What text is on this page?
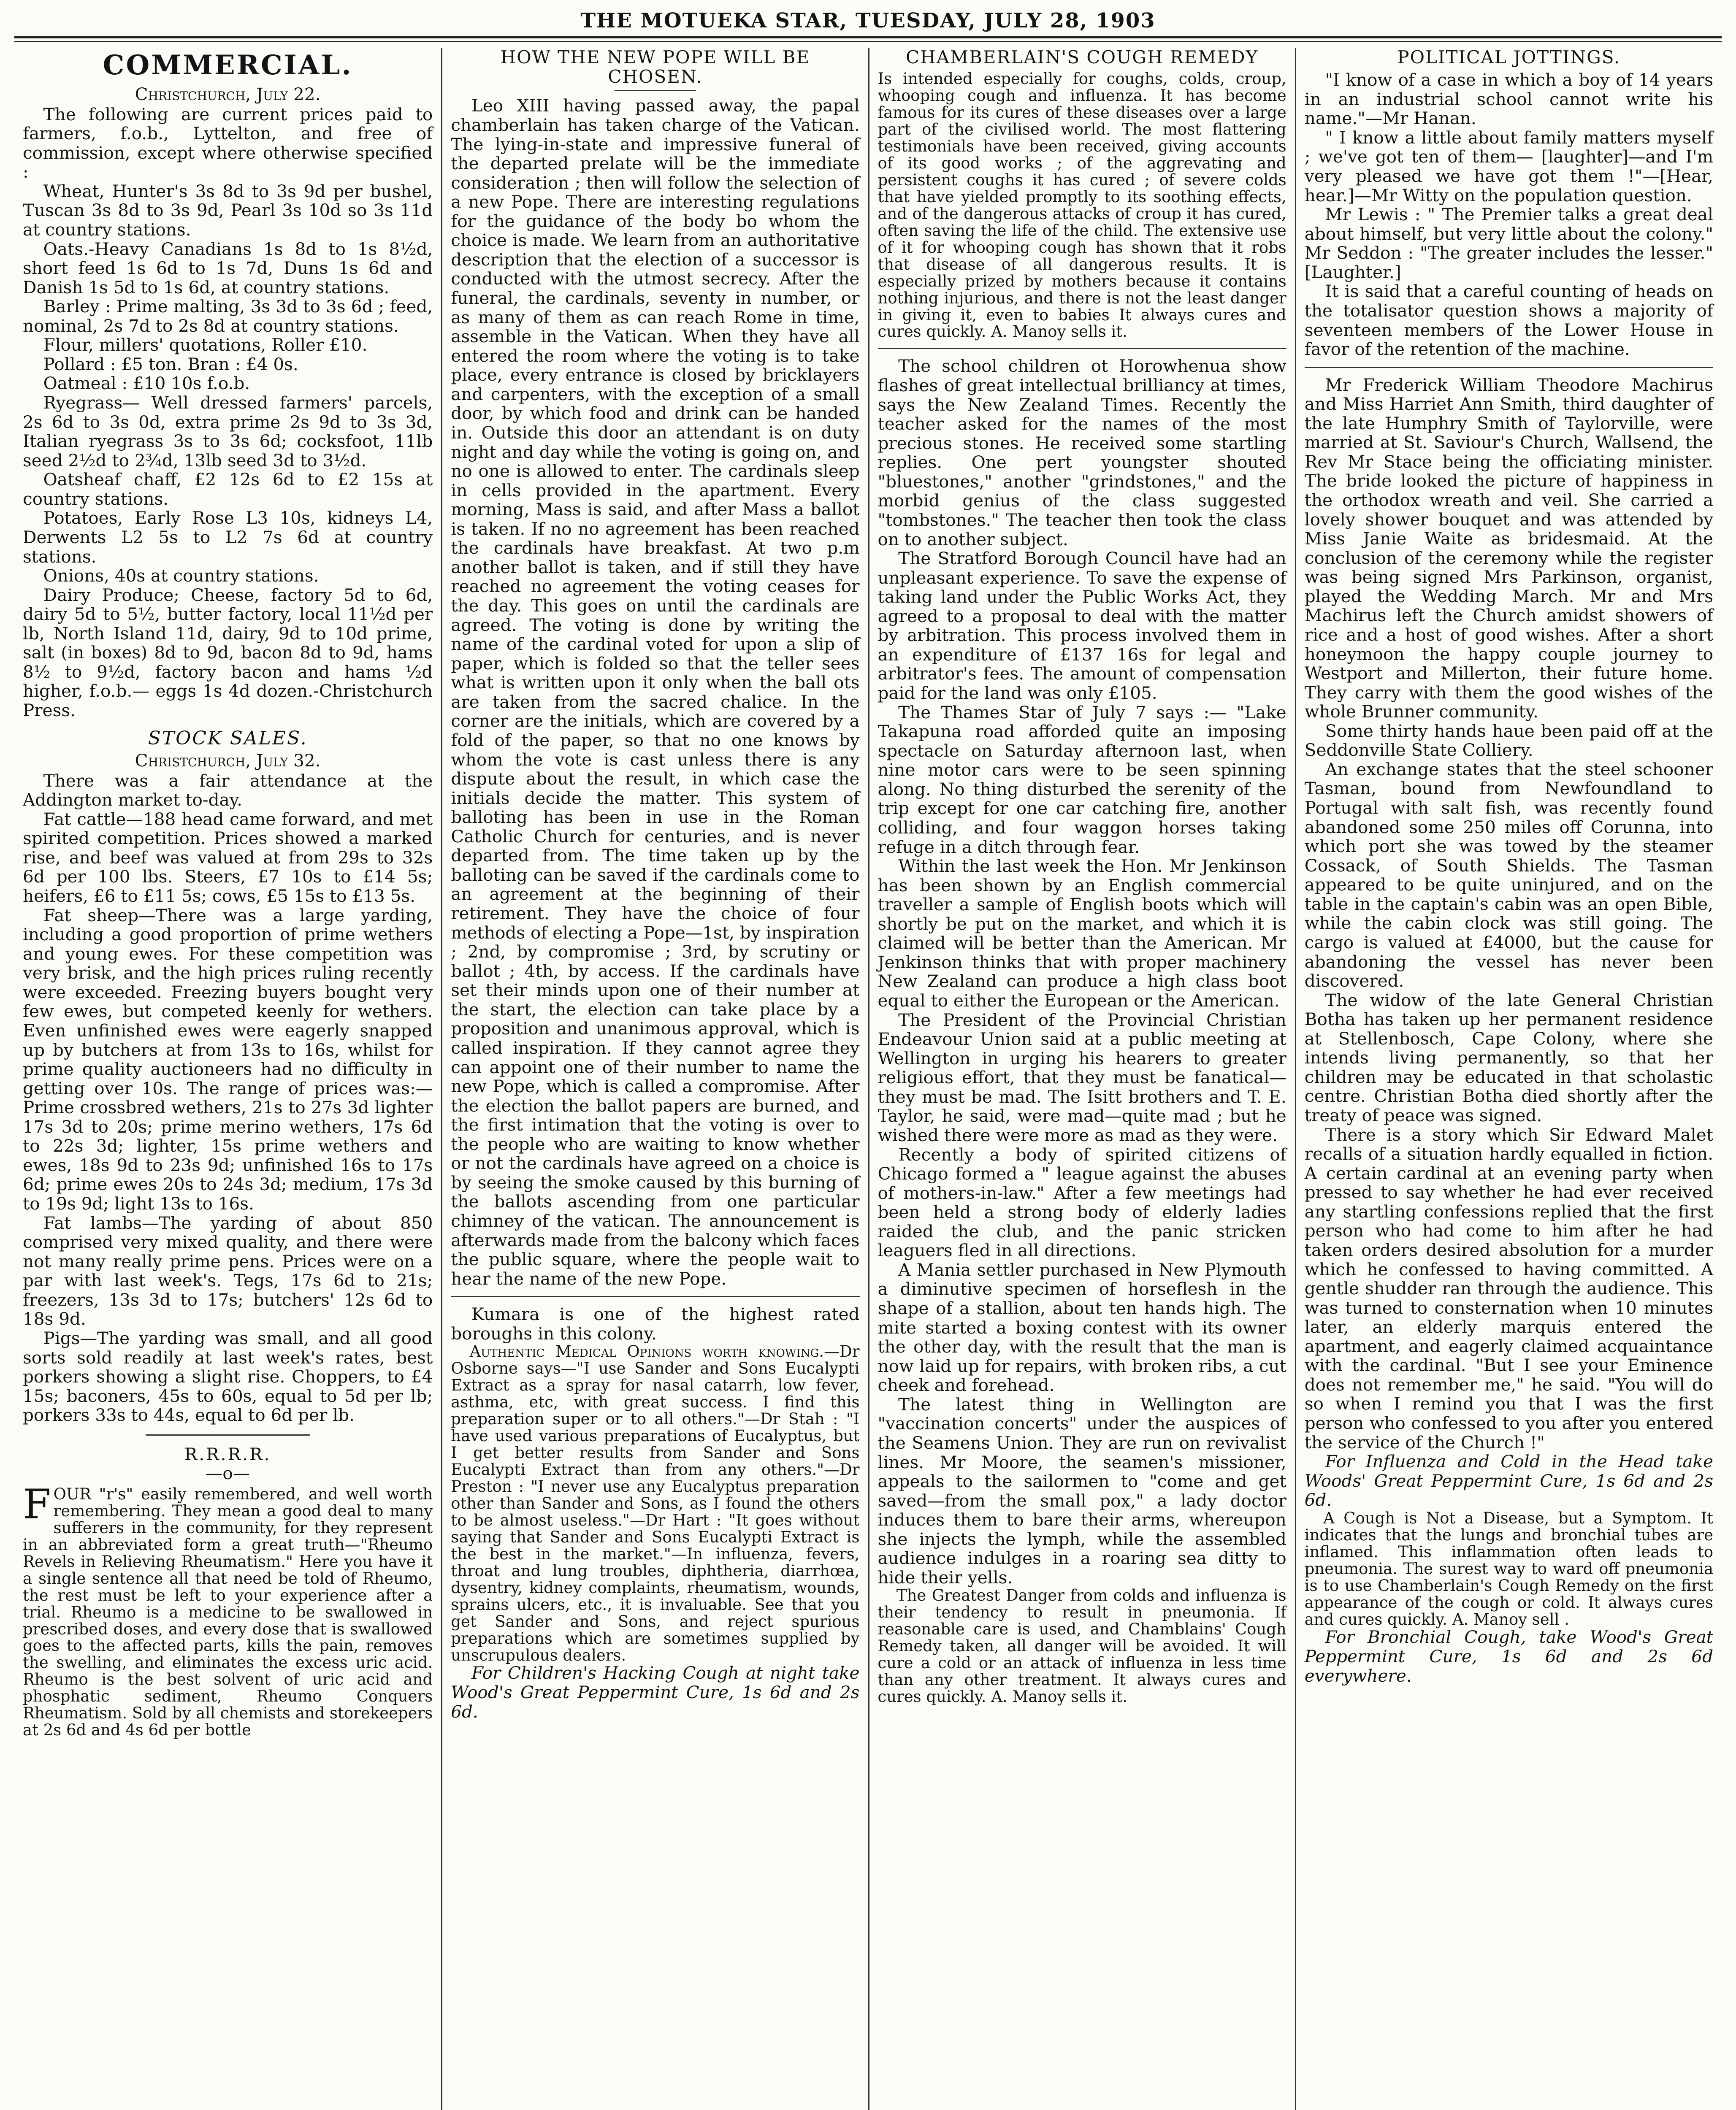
THE MOTUEKA STAR, TUESDAY, JULY 28, 1903
COMMERCIAL.
Christchurch, July 22.

The following are current prices paid to farmers, f.o.b., Lyttelton, and free of commission, except where otherwise specified :

Wheat, Hunter's 3s 8d to 3s 9d per bushel, Tuscan 3s 8d to 3s 9d, Pearl 3s 10d so 3s 11d at country stations.

Oats.-Heavy Canadians 1s 8d to 1s 8½d, short feed 1s 6d to 1s 7d, Duns 1s 6d and Danish 1s 5d to 1s 6d, at country stations.

Barley : Prime malting, 3s 3d to 3s 6d ; feed, nominal, 2s 7d to 2s 8d at country stations.

Flour, millers' quotations, Roller £10.

Pollard : £5 ton. Bran : £4 0s.

Oatmeal : £10 10s f.o.b.

Ryegrass— Well dressed farmers' parcels, 2s 6d to 3s 0d, extra prime 2s 9d to 3s 3d, Italian ryegrass 3s to 3s 6d; cocksfoot, 11lb seed 2½d to 2¾d, 13lb seed 3d to 3½d.

Oatsheaf chaff, £2 12s 6d to £2 15s at country stations.

Potatoes, Early Rose L3 10s, kidneys L4, Derwents L2 5s to L2 7s 6d at country stations.

Onions, 40s at country stations.

Dairy Produce; Cheese, factory 5d to 6d, dairy 5d to 5½, butter factory, local 11½d per lb, North Island 11d, dairy, 9d to 10d prime, salt (in boxes) 8d to 9d, bacon 8d to 9d, hams 8½ to 9½d, factory bacon and hams ½d higher, f.o.b.— eggs 1s 4d dozen.-Christchurch Press.

STOCK SALES.
Christchurch, July 32.

There was a fair attendance at the Addington market to-day.

Fat cattle—188 head came forward, and met spirited competition. Prices showed a marked rise, and beef was valued at from 29s to 32s 6d per 100 lbs. Steers, £7 10s to £14 5s; heifers, £6 to £11 5s; cows, £5 15s to £13 5s.

Fat sheep—There was a large yarding, including a good proportion of prime wethers and young ewes. For these competition was very brisk, and the high prices ruling recently were exceeded. Freezing buyers bought very few ewes, but competed keenly for wethers. Even unfinished ewes were eagerly snapped up by butchers at from 13s to 16s, whilst for prime quality auctioneers had no difficulty in getting over 10s. The range of prices was:— Prime crossbred wethers, 21s to 27s 3d lighter 17s 3d to 20s; prime merino wethers, 17s 6d to 22s 3d; lighter, 15s prime wethers and ewes, 18s 9d to 23s 9d; unfinished 16s to 17s 6d; prime ewes 20s to 24s 3d; medium, 17s 3d to 19s 9d; light 13s to 16s.

Fat lambs—The yarding of about 850 comprised very mixed quality, and there were not many really prime pens. Prices were on a par with last week's. Tegs, 17s 6d to 21s; freezers, 13s 3d to 17s; butchers' 12s 6d to 18s 9d.

Pigs—The yarding was small, and all good sorts sold readily at last week's rates, best porkers showing a slight rise. Choppers, to £4 15s; baconers, 45s to 60s, equal to 5d per lb; porkers 33s to 44s, equal to 6d per lb.

R.R.R.R.
—o—
FOUR "r's" easily remembered, and well worth remembering. They mean a good deal to many sufferers in the community, for they represent in an abbreviated form a great truth—"Rheumo Revels in Relieving Rheumatism." Here you have it a single sentence all that need be told of Rheumo, the rest must be left to your experience after a trial. Rheumo is a medicine to be swallowed in prescribed doses, and every dose that is swallowed goes to the affected parts, kills the pain, removes the swelling, and eliminates the excess uric acid. Rheumo is the best solvent of uric acid and phosphatic sediment, Rheumo Conquers Rheumatism. Sold by all chemists and storekeepers at 2s 6d and 4s 6d per bottle
HOW THE NEW POPE WILL BE CHOSEN.

Leo XIII having passed away, the papal chamberlain has taken charge of the Vatican. The lying-in-state and impressive funeral of the departed prelate will be the immediate consideration ; then will follow the selection of a new Pope. There are interesting regulations for the guidance of the body bo whom the choice is made. We learn from an authoritative description that the election of a successor is conducted with the utmost secrecy. After the funeral, the cardinals, seventy in number, or as many of them as can reach Rome in time, assemble in the Vatican. When they have all entered the room where the voting is to take place, every entrance is closed by bricklayers and carpenters, with the exception of a small door, by which food and drink can be handed in. Outside this door an attendant is on duty night and day while the voting is going on, and no one is allowed to enter. The cardinals sleep in cells provided in the apartment. Every morning, Mass is said, and after Mass a ballot is taken. If no no agreement has been reached the cardinals have breakfast. At two p.m another ballot is taken, and if still they have reached no agreement the voting ceases for the day. This goes on until the cardinals are agreed. The voting is done by writing the name of the cardinal voted for upon a slip of paper, which is folded so that the teller sees what is written upon it only when the ball ots are taken from the sacred chalice. In the corner are the initials, which are covered by a fold of the paper, so that no one knows by whom the vote is cast unless there is any dispute about the result, in which case the initials decide the matter. This system of balloting has been in use in the Roman Catholic Church for centuries, and is never departed from. The time taken up by the balloting can be saved if the cardinals come to an agreement at the beginning of their retirement. They have the choice of four methods of electing a Pope—1st, by inspiration ; 2nd, by compromise ; 3rd, by scrutiny or ballot ; 4th, by access. If the cardinals have set their minds upon one of their number at the start, the election can take place by a proposition and unanimous approval, which is called inspiration. If they cannot agree they can appoint one of their number to name the new Pope, which is called a compromise. After the election the ballot papers are burned, and the first intimation that the voting is over to the people who are waiting to know whether or not the cardinals have agreed on a choice is by seeing the smoke caused by this burning of the ballots ascending from one particular chimney of the vatican. The announcement is afterwards made from the balcony which faces the public square, where the people wait to hear the name of the new Pope.

Kumara is one of the highest rated boroughs in this colony.

Authentic Medical Opinions worth knowing.—Dr Osborne says—"I use Sander and Sons Eucalypti Extract as a spray for nasal catarrh, low fever, asthma, etc, with great success. I find this preparation super or to all others."—Dr Stah : "I have used various preparations of Eucalyptus, but I get better results from Sander and Sons Eucalypti Extract than from any others."—Dr Preston : "I never use any Eucalyptus preparation other than Sander and Sons, as I found the others to be almost useless."—Dr Hart : "It goes without saying that Sander and Sons Eucalypti Extract is the best in the market."—In influenza, fevers, throat and lung troubles, diphtheria, diarrhœa, dysentry, kidney complaints, rheumatism, wounds, sprains ulcers, etc., it is invaluable. See that you get Sander and Sons, and reject spurious preparations which are sometimes supplied by unscrupulous dealers.

For Children's Hacking Cough at night take Wood's Great Peppermint Cure, 1s 6d and 2s 6d.

CHAMBERLAIN'S COUGH REMEDY

Is intended especially for coughs, colds, croup, whooping cough and influenza. It has become famous for its cures of these diseases over a large part of the civilised world. The most flattering testimonials have been received, giving accounts of its good works ; of the aggrevating and persistent coughs it has cured ; of severe colds that have yielded promptly to its soothing effects, and of the dangerous attacks of croup it has cured, often saving the life of the child. The extensive use of it for whooping cough has shown that it robs that disease of all dangerous results. It is especially prized by mothers because it contains nothing injurious, and there is not the least danger in giving it, even to babies It always cures and cures quickly. A. Manoy sells it.

The school children ot Horowhenua show flashes of great intellectual brilliancy at times, says the New Zealand Times. Recently the teacher asked for the names of the most precious stones. He received some startling replies. One pert youngster shouted "bluestones," another "grindstones," and the morbid genius of the class suggested "tombstones." The teacher then took the class on to another subject.

The Stratford Borough Council have had an unpleasant experience. To save the expense of taking land under the Public Works Act, they agreed to a proposal to deal with the matter by arbitration. This process involved them in an expenditure of £137 16s for legal and arbitrator's fees. The amount of compensation paid for the land was only £105.

The Thames Star of July 7 says :— "Lake Takapuna road afforded quite an imposing spectacle on Saturday afternoon last, when nine motor cars were to be seen spinning along. No thing disturbed the serenity of the trip except for one car catching fire, another colliding, and four waggon horses taking refuge in a ditch through fear.

Within the last week the Hon. Mr Jenkinson has been shown by an English commercial traveller a sample of English boots which will shortly be put on the market, and which it is claimed will be better than the American. Mr Jenkinson thinks that with proper machinery New Zealand can produce a high class boot equal to either the European or the American.

The President of the Provincial Christian Endeavour Union said at a public meeting at Wellington in urging his hearers to greater religious effort, that they must be fanatical—they must be mad. The Isitt brothers and T. E. Taylor, he said, were mad—quite mad ; but he wished there were more as mad as they were.

Recently a body of spirited citizens of Chicago formed a " league against the abuses of mothers-in-law." After a few meetings had been held a strong body of elderly ladies raided the club, and the panic stricken leaguers fled in all directions.

A Mania settler purchased in New Plymouth a diminutive specimen of horseflesh in the shape of a stallion, about ten hands high. The mite started a boxing contest with its owner the other day, with the result that the man is now laid up for repairs, with broken ribs, a cut cheek and forehead.

The latest thing in Wellington are "vaccination concerts" under the auspices of the Seamens Union. They are run on revivalist lines. Mr Moore, the seamen's missioner, appeals to the sailormen to "come and get saved—from the small pox," a lady doctor induces them to bare their arms, whereupon she injects the lymph, while the assembled audience indulges in a roaring sea ditty to hide their yells.

The Greatest Danger from colds and influenza is their tendency to result in pneumonia. If reasonable care is used, and Chamblains' Cough Remedy taken, all danger will be avoided. It will cure a cold or an attack of influenza in less time than any other treatment. It always cures and cures quickly. A. Manoy sells it.

POLITICAL JOTTINGS.

"I know of a case in which a boy of 14 years in an industrial school cannot write his name."—Mr Hanan.

" I know a little about family matters myself ; we've got ten of them— [laughter]—and I'm very pleased we have got them !"—[Hear, hear.]—Mr Witty on the population question.

Mr Lewis : " The Premier talks a great deal about himself, but very little about the colony." Mr Seddon : "The greater includes the lesser." [Laughter.]

It is said that a careful counting of heads on the totalisator question shows a majority of seventeen members of the Lower House in favor of the retention of the machine.

Mr Frederick William Theodore Machirus and Miss Harriet Ann Smith, third daughter of the late Humphry Smith of Taylorville, were married at St. Saviour's Church, Wallsend, the Rev Mr Stace being the officiating minister. The bride looked the picture of happiness in the orthodox wreath and veil. She carried a lovely shower bouquet and was attended by Miss Janie Waite as bridesmaid. At the conclusion of the ceremony while the register was being signed Mrs Parkinson, organist, played the Wedding March. Mr and Mrs Machirus left the Church amidst showers of rice and a host of good wishes. After a short honeymoon the happy couple journey to Westport and Millerton, their future home. They carry with them the good wishes of the whole Brunner community.

Some thirty hands haue been paid off at the Seddonville State Colliery.

An exchange states that the steel schooner Tasman, bound from Newfoundland to Portugal with salt fish, was recently found abandoned some 250 miles off Corunna, into which port she was towed by the steamer Cossack, of South Shields. The Tasman appeared to be quite uninjured, and on the table in the captain's cabin was an open Bible, while the cabin clock was still going. The cargo is valued at £4000, but the cause for abandoning the vessel has never been discovered.

The widow of the late General Christian Botha has taken up her permanent residence at Stellenbosch, Cape Colony, where she intends living permanently, so that her children may be educated in that scholastic centre. Christian Botha died shortly after the treaty of peace was signed.

There is a story which Sir Edward Malet recalls of a situation hardly equalled in fiction. A certain cardinal at an evening party when pressed to say whether he had ever received any startling confessions replied that the first person who had come to him after he had taken orders desired absolution for a murder which he confessed to having committed. A gentle shudder ran through the audience. This was turned to consternation when 10 minutes later, an elderly marquis entered the apartment, and eagerly claimed acquaintance with the cardinal. "But I see your Eminence does not remember me," he said. "You will do so when I remind you that I was the first person who confessed to you after you entered the service of the Church !"

For Influenza and Cold in the Head take Woods' Great Peppermint Cure, 1s 6d and 2s 6d.

A Cough is Not a Disease, but a Symptom. It indicates that the lungs and bronchial tubes are inflamed. This inflammation often leads to pneumonia. The surest way to ward off pneumonia is to use Chamberlain's Cough Remedy on the first appearance of the cough or cold. It always cures and cures quickly. A. Manoy sell .

For Bronchial Cough, take Wood's Great Peppermint Cure, 1s 6d and 2s 6d everywhere.
